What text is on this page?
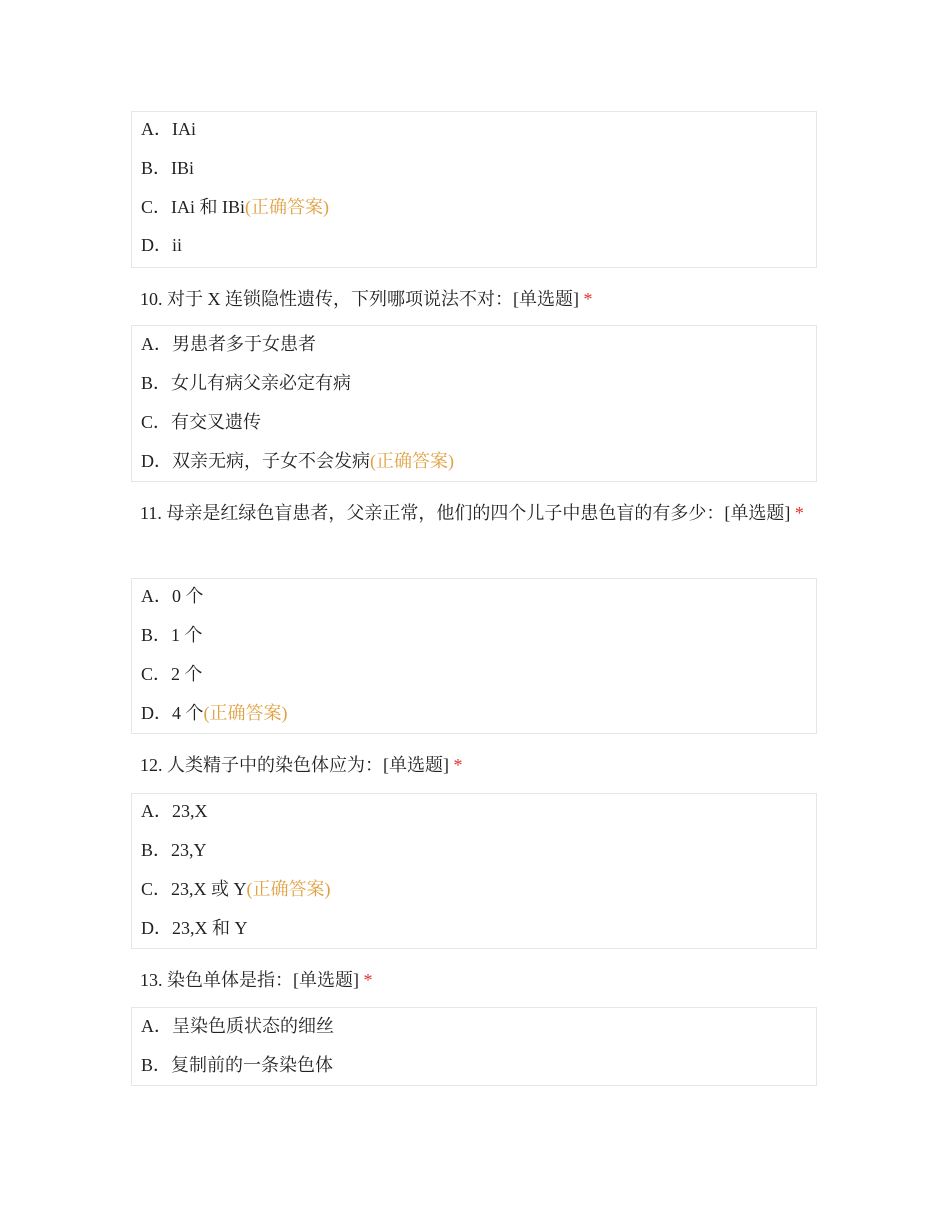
A．IAi
B．IBi
C．IAi 和 IBi(正确答案)
D．ii
10. 对于 X 连锁隐性遗传，下列哪项说法不对：[单选题] *
A．男患者多于女患者
B．女儿有病父亲必定有病
C．有交叉遗传
D．双亲无病，子女不会发病(正确答案)
11. 母亲是红绿色盲患者，父亲正常，他们的四个儿子中患色盲的有多少：[单选题] *
A．0 个
B．1 个
C．2 个
D．4 个(正确答案)
12. 人类精子中的染色体应为：[单选题] *
A．23,X
B．23,Y
C．23,X 或 Y(正确答案)
D．23,X 和 Y
13. 染色单体是指：[单选题] *
A．呈染色质状态的细丝
B．复制前的一条染色体
